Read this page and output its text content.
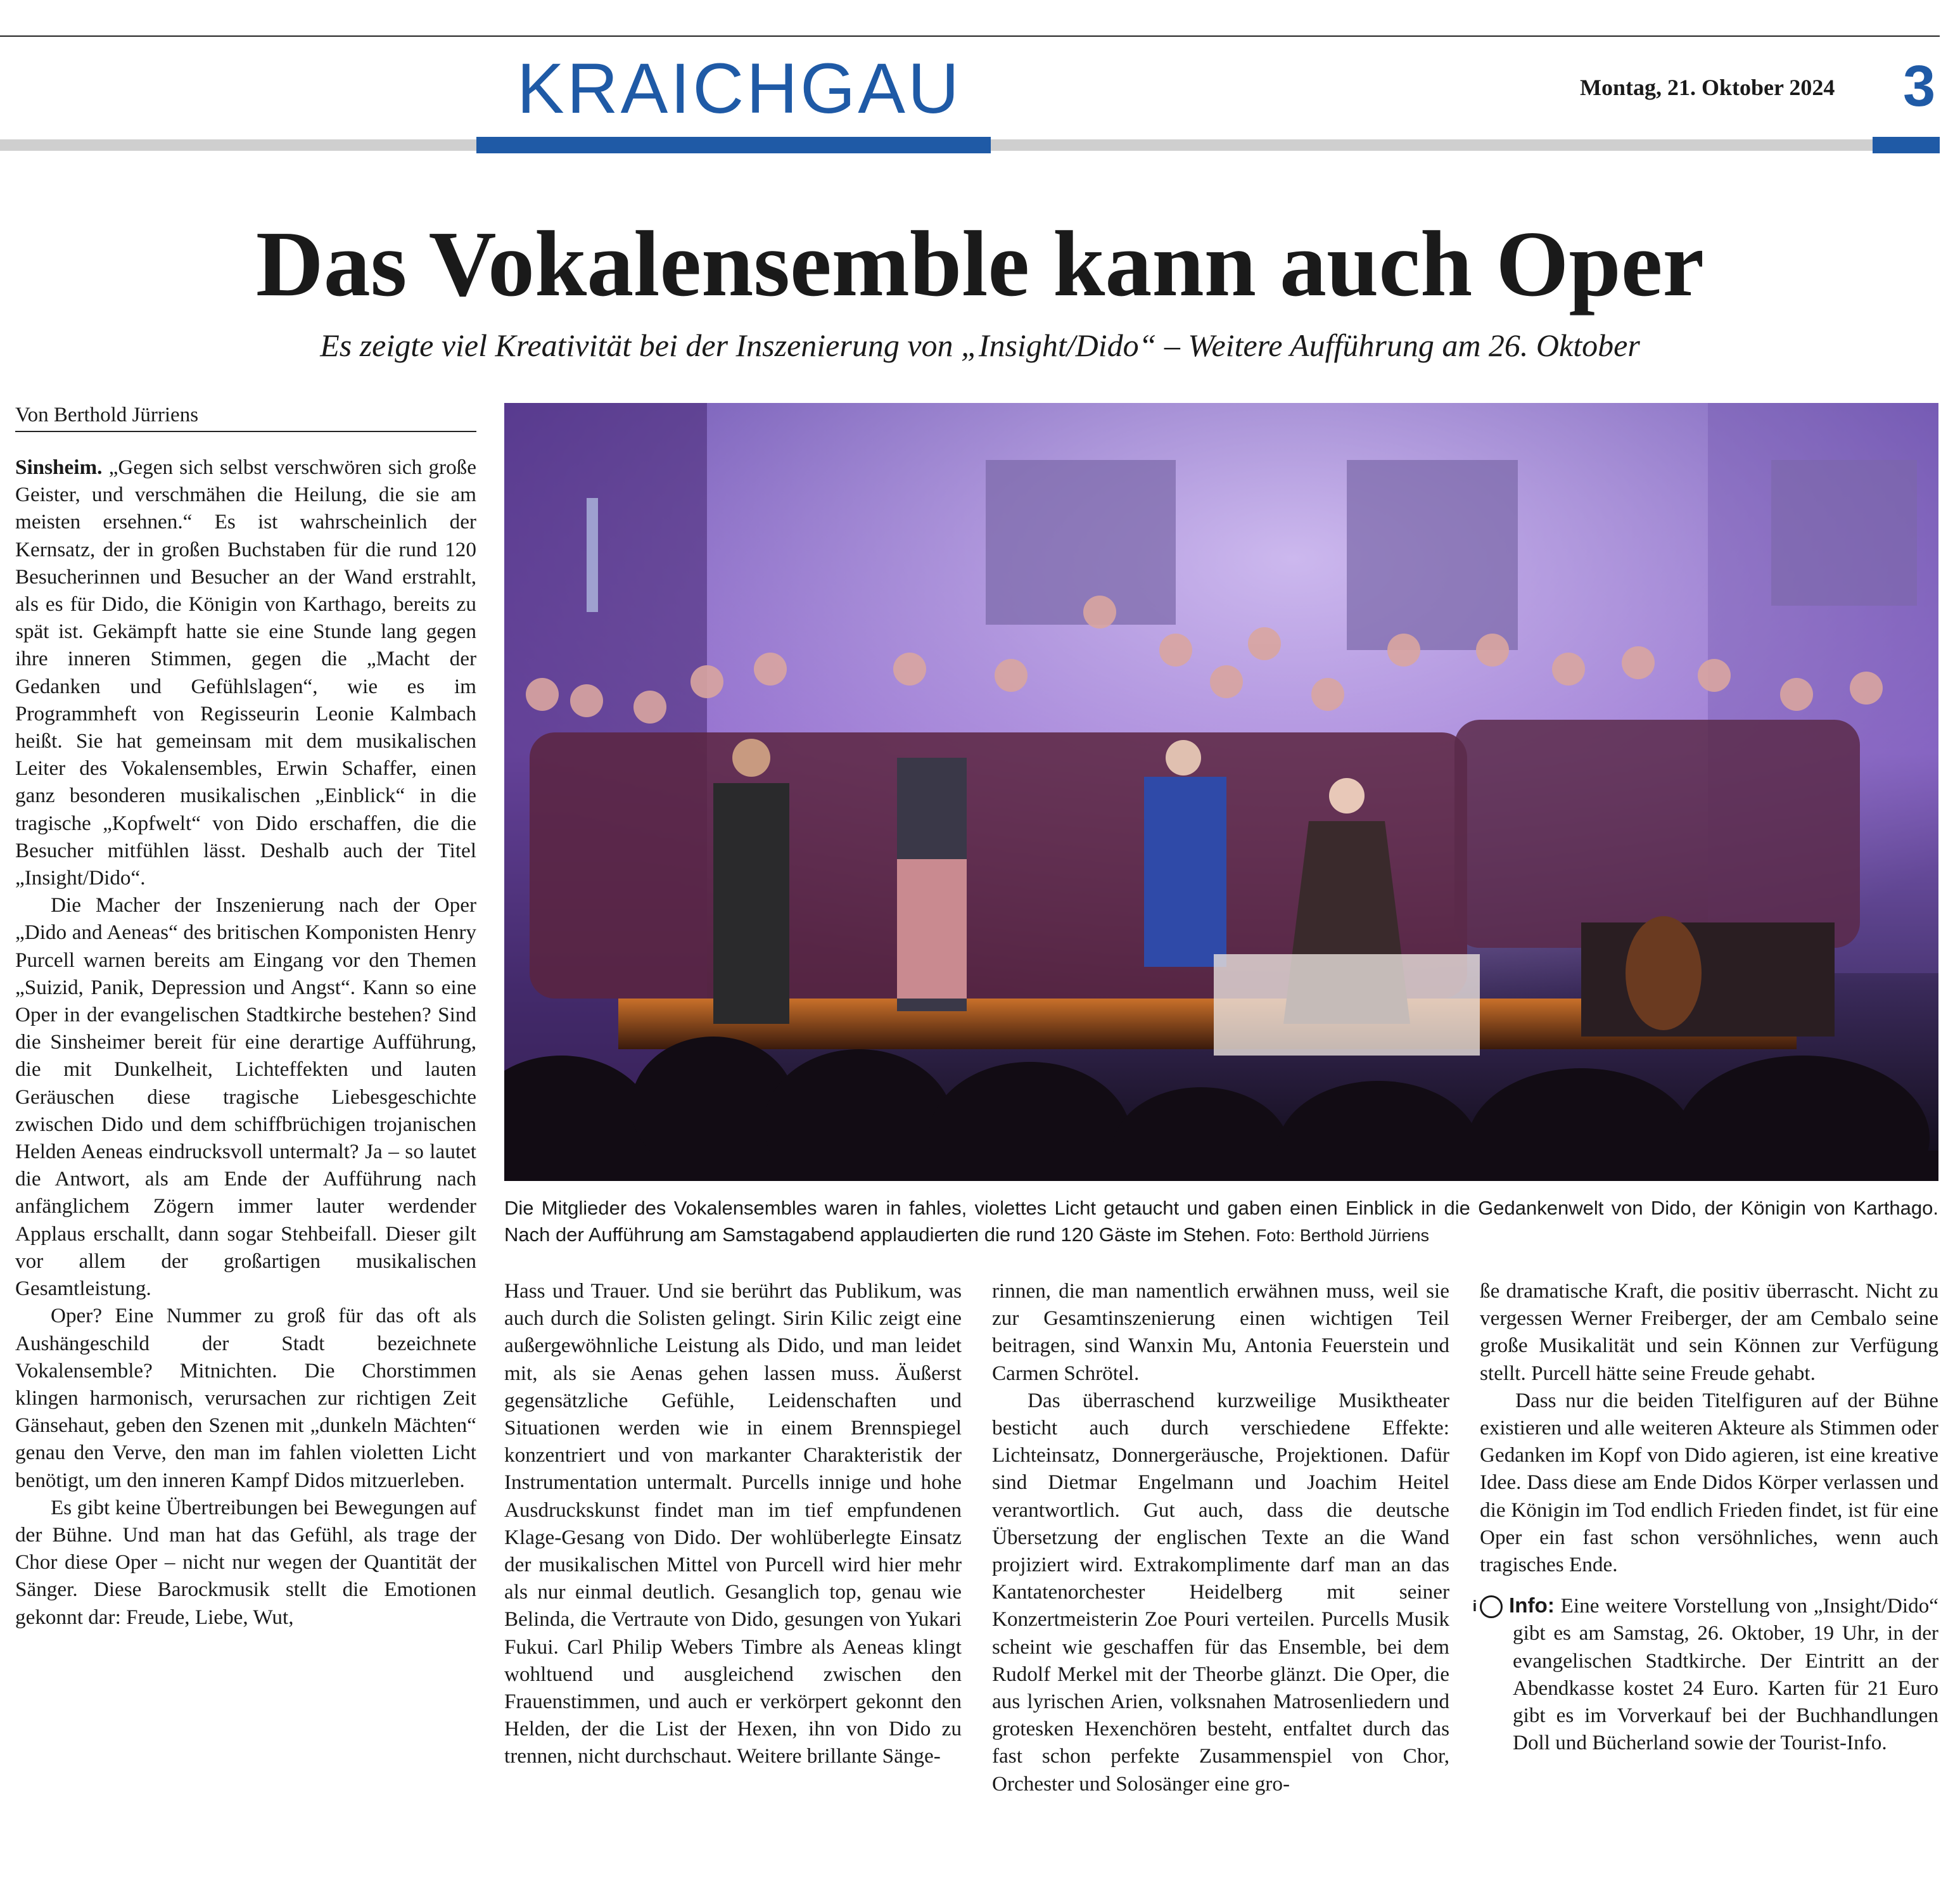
KRAICHGAU	Montag, 21. Oktober 2024 3
Das Vokalensemble kann auch Oper
Es zeigte viel Kreativität bei der Inszenierung von „Insight/Dido“ – Weitere Aufführung am 26. Oktober
Von Berthold Jürriens
Die Mitglieder des Vokalensembles waren in fahles, violettes Licht getaucht und gaben einen Einblick in die Gedankenwelt von Dido, der Königin von Karthago. Nach der Aufführung am Samstagabend applaudierten die rund 120 Gäste im Stehen. Foto: Berthold Jürriens

Sinsheim. „Gegen sich selbst verschwören sich große Geister, und verschmähen die Heilung, die sie am meisten ersehnen.“ Es ist wahrscheinlich der Kernsatz, der in großen Buchstaben für die rund 120 Besucherinnen und Besucher an der Wand erstrahlt, als es für Dido, die Königin von Karthago, bereits zu spät ist. Gekämpft hatte sie eine Stunde lang gegen ihre inneren Stimmen, gegen die „Macht der Gedanken und Gefühlslagen“, wie es im Programmheft von Regisseurin Leonie Kalmbach heißt. Sie hat gemeinsam mit dem musikalischen Leiter des Vokalensembles, Erwin Schaffer, einen ganz besonderen musikalischen „Einblick“ in die tragische „Kopfwelt“ von Dido erschaffen, die die Besucher mitfühlen lässt. Deshalb auch der Titel „Insight/Dido“.

Die Macher der Inszenierung nach der Oper „Dido and Aeneas“ des britischen Komponisten Henry Purcell warnen bereits am Eingang vor den Themen „Suizid, Panik, Depression und Angst“. Kann so eine Oper in der evangelischen Stadtkirche bestehen? Sind die Sinsheimer bereit für eine derartige Aufführung, die mit Dunkelheit, Lichteffekten und lauten Geräuschen diese tragische Liebesgeschichte zwischen Dido und dem schiffbrüchigen trojanischen Helden Aeneas eindrucksvoll untermalt? Ja – so lautet die Antwort, als am Ende der Aufführung nach anfänglichem Zögern immer lauter werdender Applaus erschallt, dann sogar Stehbeifall. Dieser gilt vor allem der großartigen musikalischen Gesamtleistung.

Oper? Eine Nummer zu groß für das oft als Aushängeschild der Stadt bezeichnete Vokalensemble? Mitnichten. Die Chorstimmen klingen harmonisch, verursachen zur richtigen Zeit Gänsehaut, geben den Szenen mit „dunkeln Mächten“ genau den Verve, den man im fahlen violetten Licht benötigt, um den inneren Kampf Didos mitzuerleben.

Es gibt keine Übertreibungen bei Bewegungen auf der Bühne. Und man hat das Gefühl, als trage der Chor diese Oper – nicht nur wegen der Quantität der Sänger. Diese Barockmusik stellt die Emotionen gekonnt dar: Freude, Liebe, Wut,

Hass und Trauer. Und sie berührt das Publikum, was auch durch die Solisten gelingt. Sirin Kilic zeigt eine außergewöhnliche Leistung als Dido, und man leidet mit, als sie Aenas gehen lassen muss. Äußerst gegensätzliche Gefühle, Leidenschaften und Situationen werden wie in einem Brennspiegel konzentriert und von markanter Charakteristik der Instrumentation untermalt. Purcells innige und hohe Ausdruckskunst findet man im tief empfundenen Klage-Gesang von Dido. Der wohlüberlegte Einsatz der musikalischen Mittel von Purcell wird hier mehr als nur einmal deutlich. Gesanglich top, genau wie Belinda, die Vertraute von Dido, gesungen von Yukari Fukui. Carl Philip Webers Timbre als Aeneas klingt wohltuend und ausgleichend zwischen den Frauenstimmen, und auch er verkörpert gekonnt den Helden, der die List der Hexen, ihn von Dido zu trennen, nicht durchschaut. Weitere brillante Sänge-

rinnen, die man namentlich erwähnen muss, weil sie zur Gesamtinszenierung einen wichtigen Teil beitragen, sind Wanxin Mu, Antonia Feuerstein und Carmen Schrötel.

Das überraschend kurzweilige Musiktheater besticht auch durch verschiedene Effekte: Lichteinsatz, Donnergeräusche, Projektionen. Dafür sind Dietmar Engelmann und Joachim Heitel verantwortlich. Gut auch, dass die deutsche Übersetzung der englischen Texte an die Wand projiziert wird. Extrakomplimente darf man an das Kantatenorchester Heidelberg mit seiner Konzertmeisterin Zoe Pouri verteilen. Purcells Musik scheint wie geschaffen für das Ensemble, bei dem Rudolf Merkel mit der Theorbe glänzt. Die Oper, die aus lyrischen Arien, volksnahen Matrosenliedern und grotesken Hexenchören besteht, entfaltet durch das fast schon perfekte Zusammenspiel von Chor, Orchester und Solosänger eine gro-

ße dramatische Kraft, die positiv überrascht. Nicht zu vergessen Werner Freiberger, der am Cembalo seine große Musikalität und sein Können zur Verfügung stellt. Purcell hätte seine Freude gehabt.

Dass nur die beiden Titelfiguren auf der Bühne existieren und alle weiteren Akteure als Stimmen oder Gedanken im Kopf von Dido agieren, ist eine kreative Idee. Dass diese am Ende Didos Körper verlassen und die Königin im Tod endlich Frieden findet, ist für eine Oper ein fast schon versöhnliches, wenn auch tragisches Ende.

i Info: Eine weitere Vorstellung von „Insight/Dido“ gibt es am Samstag, 26. Oktober, 19 Uhr, in der evangelischen Stadtkirche. Der Eintritt an der Abendkasse kostet 24 Euro. Karten für 21 Euro gibt es im Vorverkauf bei der Buchhandlungen Doll und Bücherland sowie der Tourist-Info.
